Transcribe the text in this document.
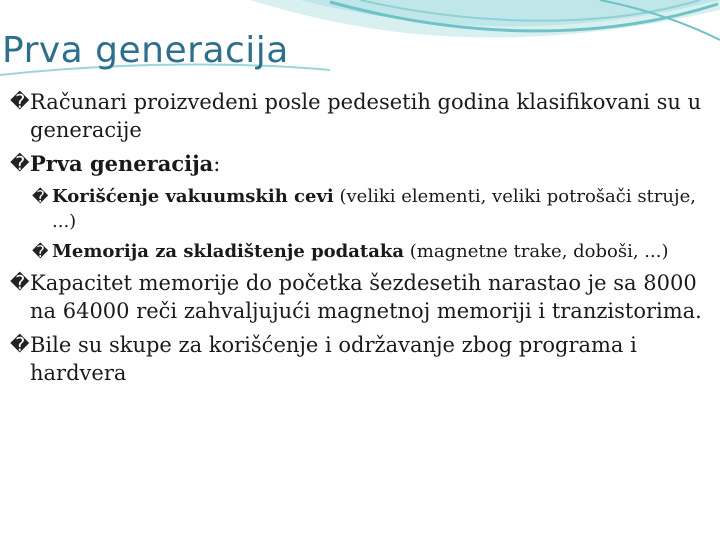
Prva generacija

� Računari proizvedeni posle pedesetih godina klasifikovani su u generacije

� Prva generacija:

� Korišćenje vakuumskih cevi (veliki elementi, veliki potrošači struje, ...)

� Memorija za skladištenje podataka (magnetne trake, doboši, ...)

� Kapacitet memorije do početka šezdesetih narastao je sa 8000 na 64000 reči zahvaljujući magnetnoj memoriji i tranzistorima.

� Bile su skupe za korišćenje i održavanje zbog programa i hardvera
